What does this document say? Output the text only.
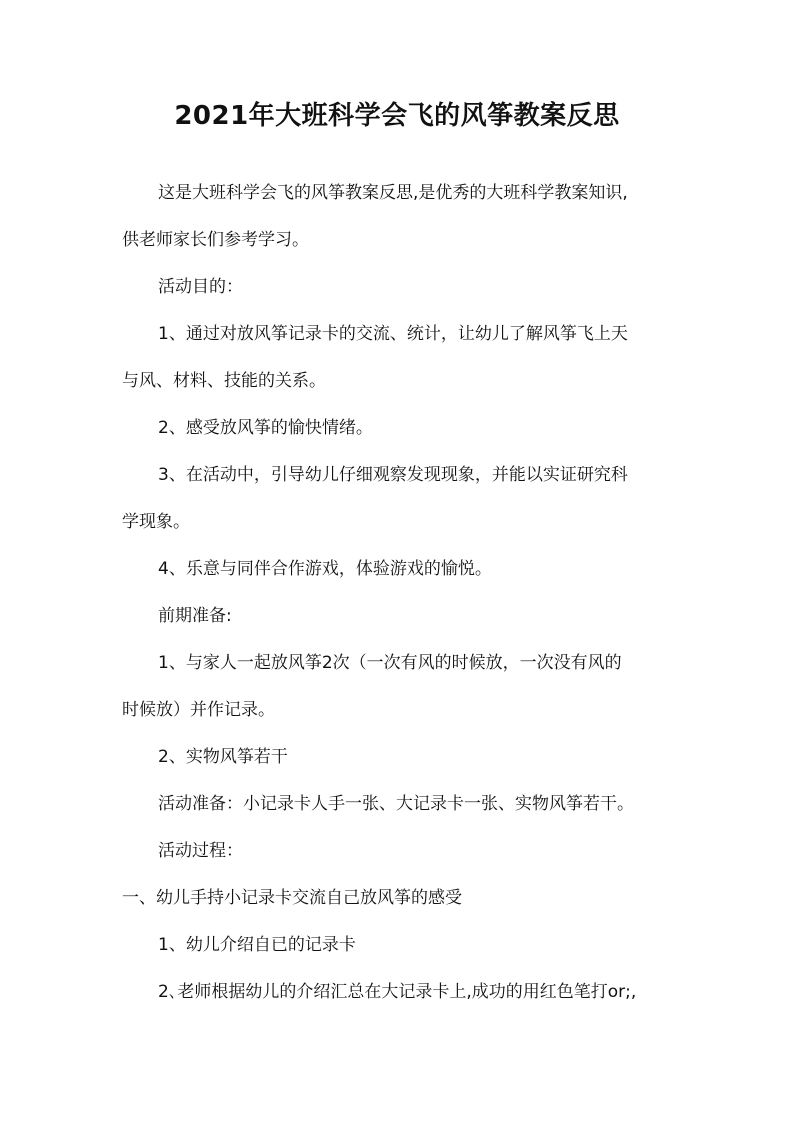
2021年大班科学会飞的风筝教案反思
这是大班科学会飞的风筝教案反思,是优秀的大班科学教案知识,
供老师家长们参考学习。
活动目的：
1、通过对放风筝记录卡的交流、统计，让幼儿了解风筝飞上天
与风、材料、技能的关系。
2、感受放风筝的愉快情绪。
3、在活动中，引导幼儿仔细观察发现现象，并能以实证研究科
学现象。
4、乐意与同伴合作游戏，体验游戏的愉悦。
前期准备:
1、与家人一起放风筝2次（一次有风的时候放，一次没有风的
时候放）并作记录。
2、实物风筝若干
活动准备：小记录卡人手一张、大记录卡一张、实物风筝若干。
活动过程：
一、幼儿手持小记录卡交流自己放风筝的感受
1、幼儿介绍自已的记录卡
2､老师根据幼儿的介绍汇总在大记录卡上,成功的用红色笔打or;,
